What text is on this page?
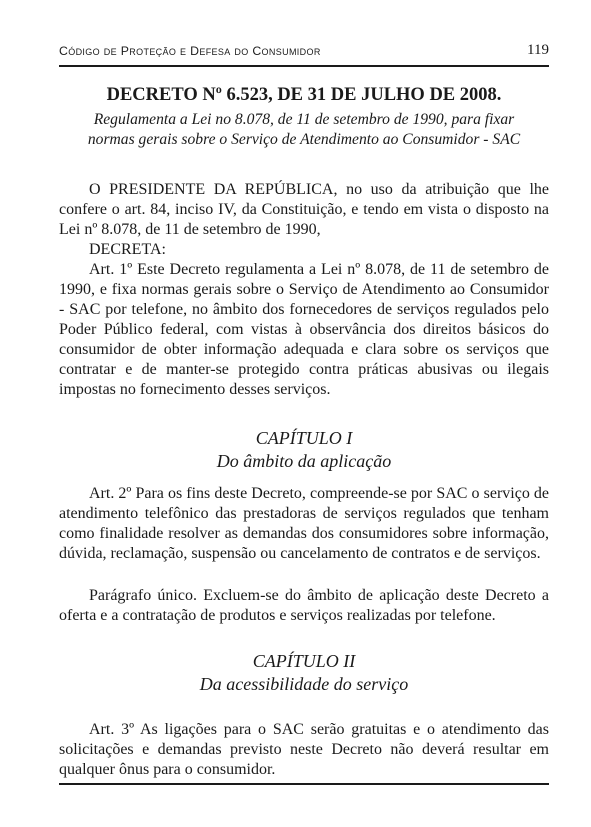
Código de Proteção e Defesa do Consumidor	119
DECRETO Nº 6.523, DE 31 DE JULHO DE 2008.
Regulamenta a Lei no 8.078, de 11 de setembro de 1990, para fixar normas gerais sobre o Serviço de Atendimento ao Consumidor - SAC

O PRESIDENTE DA REPÚBLICA, no uso da atribuição que lhe confere o art. 84, inciso IV, da Constituição, e tendo em vista o disposto na Lei nº 8.078, de 11 de setembro de 1990,

DECRETA:

Art. 1º Este Decreto regulamenta a Lei nº 8.078, de 11 de setembro de 1990, e fixa normas gerais sobre o Serviço de Atendimento ao Consumidor - SAC por telefone, no âmbito dos fornecedores de serviços regulados pelo Poder Público federal, com vistas à observância dos direitos básicos do consumidor de obter informação adequada e clara sobre os serviços que contratar e de manter-se protegido contra práticas abusivas ou ilegais impostas no fornecimento desses serviços.

CAPÍTULO I
Do âmbito da aplicação

Art. 2º Para os fins deste Decreto, compreende-se por SAC o serviço de atendimento telefônico das prestadoras de serviços regulados que tenham como finalidade resolver as demandas dos consumidores sobre informação, dúvida, reclamação, suspensão ou cancelamento de contratos e de serviços.

Parágrafo único. Excluem-se do âmbito de aplicação deste Decreto a oferta e a contratação de produtos e serviços realizadas por telefone.

CAPÍTULO II
Da acessibilidade do serviço

Art. 3º As ligações para o SAC serão gratuitas e o atendimento das solicitações e demandas previsto neste Decreto não deverá resultar em qualquer ônus para o consumidor.
